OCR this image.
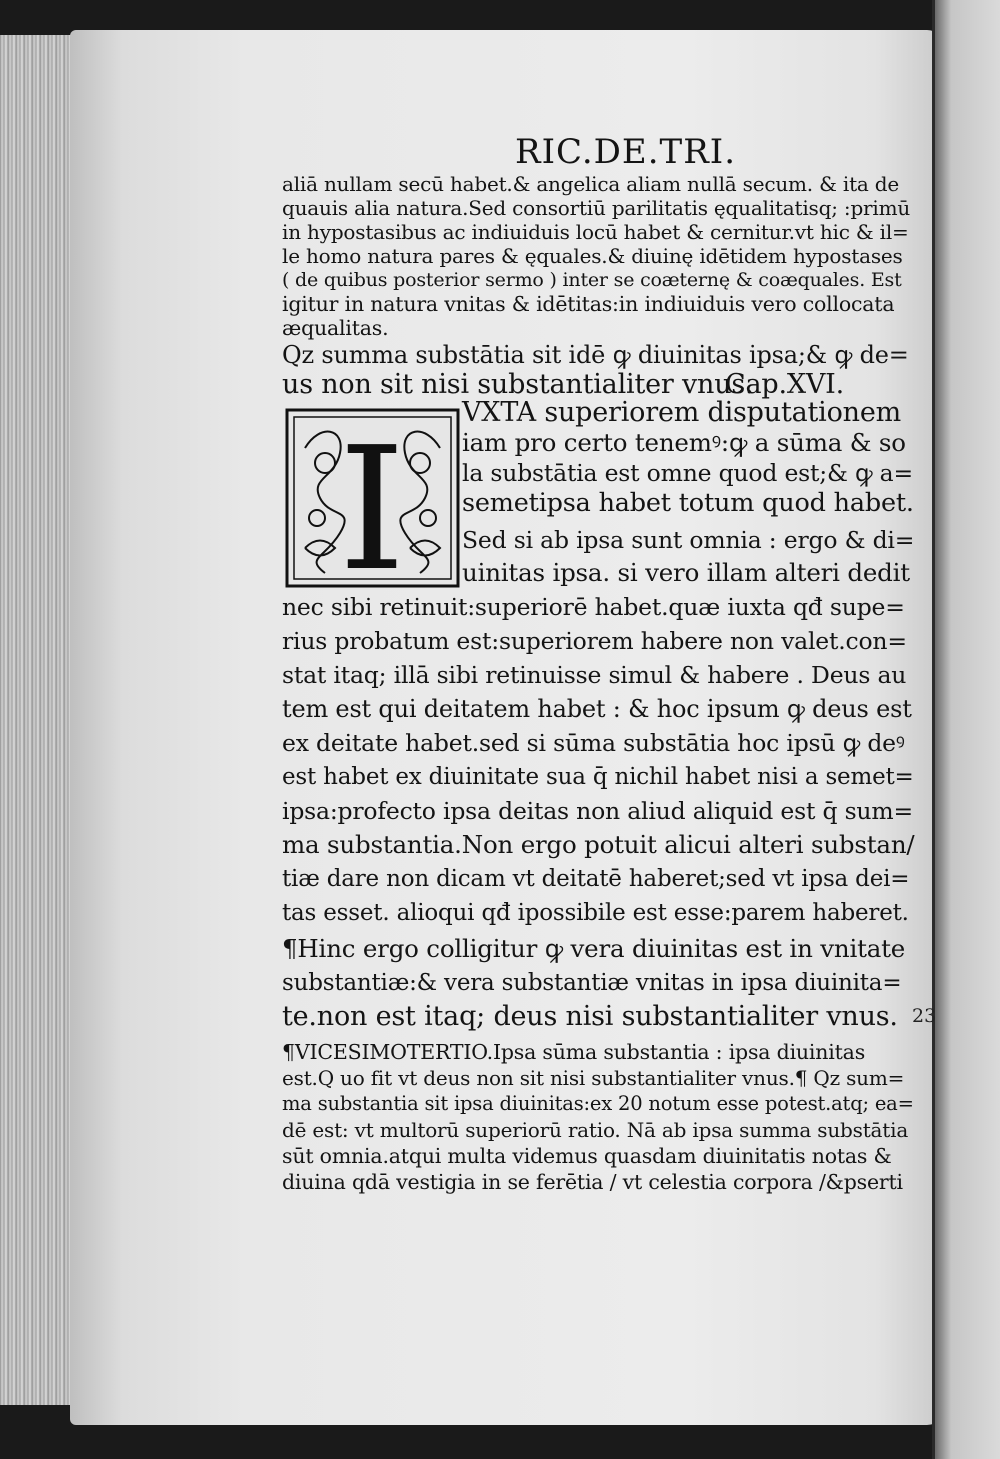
RIC.DE.TRI.
aliā nullam secū habet.& angelica aliam nullā secum. & ita de
quauis alia natura.Sed consortiū parilitatis ęqualitatisq; :primū
in hypostasibus ac indiuiduis locū habet & cernitur.vt hic & il=
le homo natura pares & ęquales.& diuinę idētidem hypostases
( de quibus posterior sermo ) inter se coæternę & coæquales. Est
igitur in natura vnitas & idētitas:in indiuiduis vero collocata
æqualitas.
Qz summa substātia sit idē ꝙ diuinitas ipsa;& ꝙ de=
us non sit nisi substantialiter vnus.
Cap.XVI.
I VXTA superiorem disputationem
iam pro certo tenemꝰ:ꝙ a sūma & so
la substātia est omne quod est;& ꝙ a=
semetipsa habet totum quod habet.
Sed si ab ipsa sunt omnia : ergo & di=
uinitas ipsa. si vero illam alteri dedit
nec sibi retinuit:superiorē habet.quæ iuxta qđ supe=
rius probatum est:superiorem habere non valet.con=
stat itaq; illā sibi retinuisse simul & habere . Deus au
tem est qui deitatem habet : & hoc ipsum ꝙ deus est
ex deitate habet.sed si sūma substātia hoc ipsū ꝙ deꝰ
est habet ex diuinitate sua q̄ nichil habet nisi a semet=
ipsa:profecto ipsa deitas non aliud aliquid est q̄ sum=
ma substantia.Non ergo potuit alicui alteri substan/
tiæ dare non dicam vt deitatē haberet;sed vt ipsa dei=
tas esset. alioqui qđ ipossibile est esse:parem haberet.
¶Hinc ergo colligitur ꝙ vera diuinitas est in vnitate
substantiæ:& vera substantiæ vnitas in ipsa diuinita=
te.non est itaq; deus nisi substantialiter vnus.
¶VICESIMOTERTIO.Ipsa sūma substantia : ipsa diuinitas
est.Q uo fit vt deus non sit nisi substantialiter vnus.¶ Qz sum=
ma substantia sit ipsa diuinitas:ex 20 notum esse potest.atq; ea=
dē est: vt multorū superiorū ratio. Nā ab ipsa summa substātia
sūt omnia.atqui multa videmus quasdam diuinitatis notas &
diuina qdā vestigia in se ferētia / vt celestia corpora /&pserti
23
